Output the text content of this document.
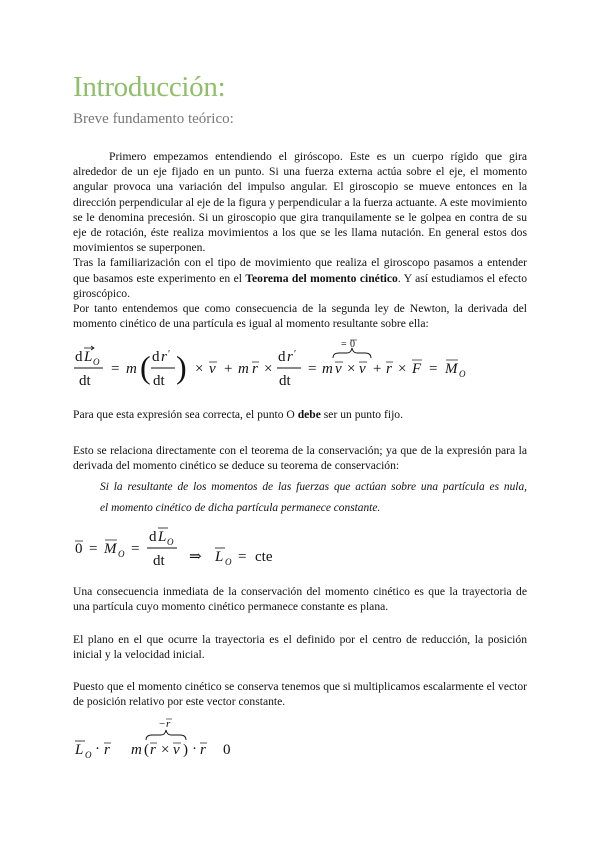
Introducción:
Breve fundamento teórico:

Primero empezamos entendiendo el giróscopo. Este es un cuerpo rígido que gira alrededor de un eje fijado en un punto. Si una fuerza externa actúa sobre el eje, el momento angular provoca una variación del impulso angular. El giroscopio se mueve entonces en la dirección perpendicular al eje de la figura y perpendicular a la fuerza actuante. A este movimiento se le denomina precesión. Si un giroscopio que gira tranquilamente se le golpea en contra de su eje de rotación, éste realiza movimientos a los que se les llama nutación. En general estos dos movimientos se superponen.

Tras la familiarización con el tipo de movimiento que realiza el giroscopo pasamos a entender que basamos este experimento en el Teorema del momento cinético. Y así estudiamos el efecto giroscópico.

Por tanto entendemos que como consecuencia de la segunda ley de Newton, la derivada del momento cinético de una partícula es igual al momento resultante sobre ella:

d L O
dt
= m ( d r ′
dt ) × v + m r ×
d r ′
dt
= m v × v
= 0
+ r × F = M O

Para que esta expresión sea correcta, el punto O debe ser un punto fijo.

Esto se relaciona directamente con el teorema de la conservación; ya que de la expresión para la derivada del momento cinético se deduce su teorema de conservación:

Si la resultante de los momentos de las fuerzas que actúan sobre una partícula es nula,

el momento cinético de dicha partícula permanece constante.

0 = M O =
d L O
dt ⇒ L O = cte

Una consecuencia inmediata de la conservación del momento cinético es que la trayectoria de una partícula cuyo momento cinético permanece constante es plana.

El plano en el que ocurre la trayectoria es el definido por el centro de reducción, la posición inicial y la velocidad inicial.

Puesto que el momento cinético se conserva tenemos que si multiplicamos escalarmente el vector de posición relativo por este vector constante.

L O · r = m ( r × v )
− r
· r = 0
